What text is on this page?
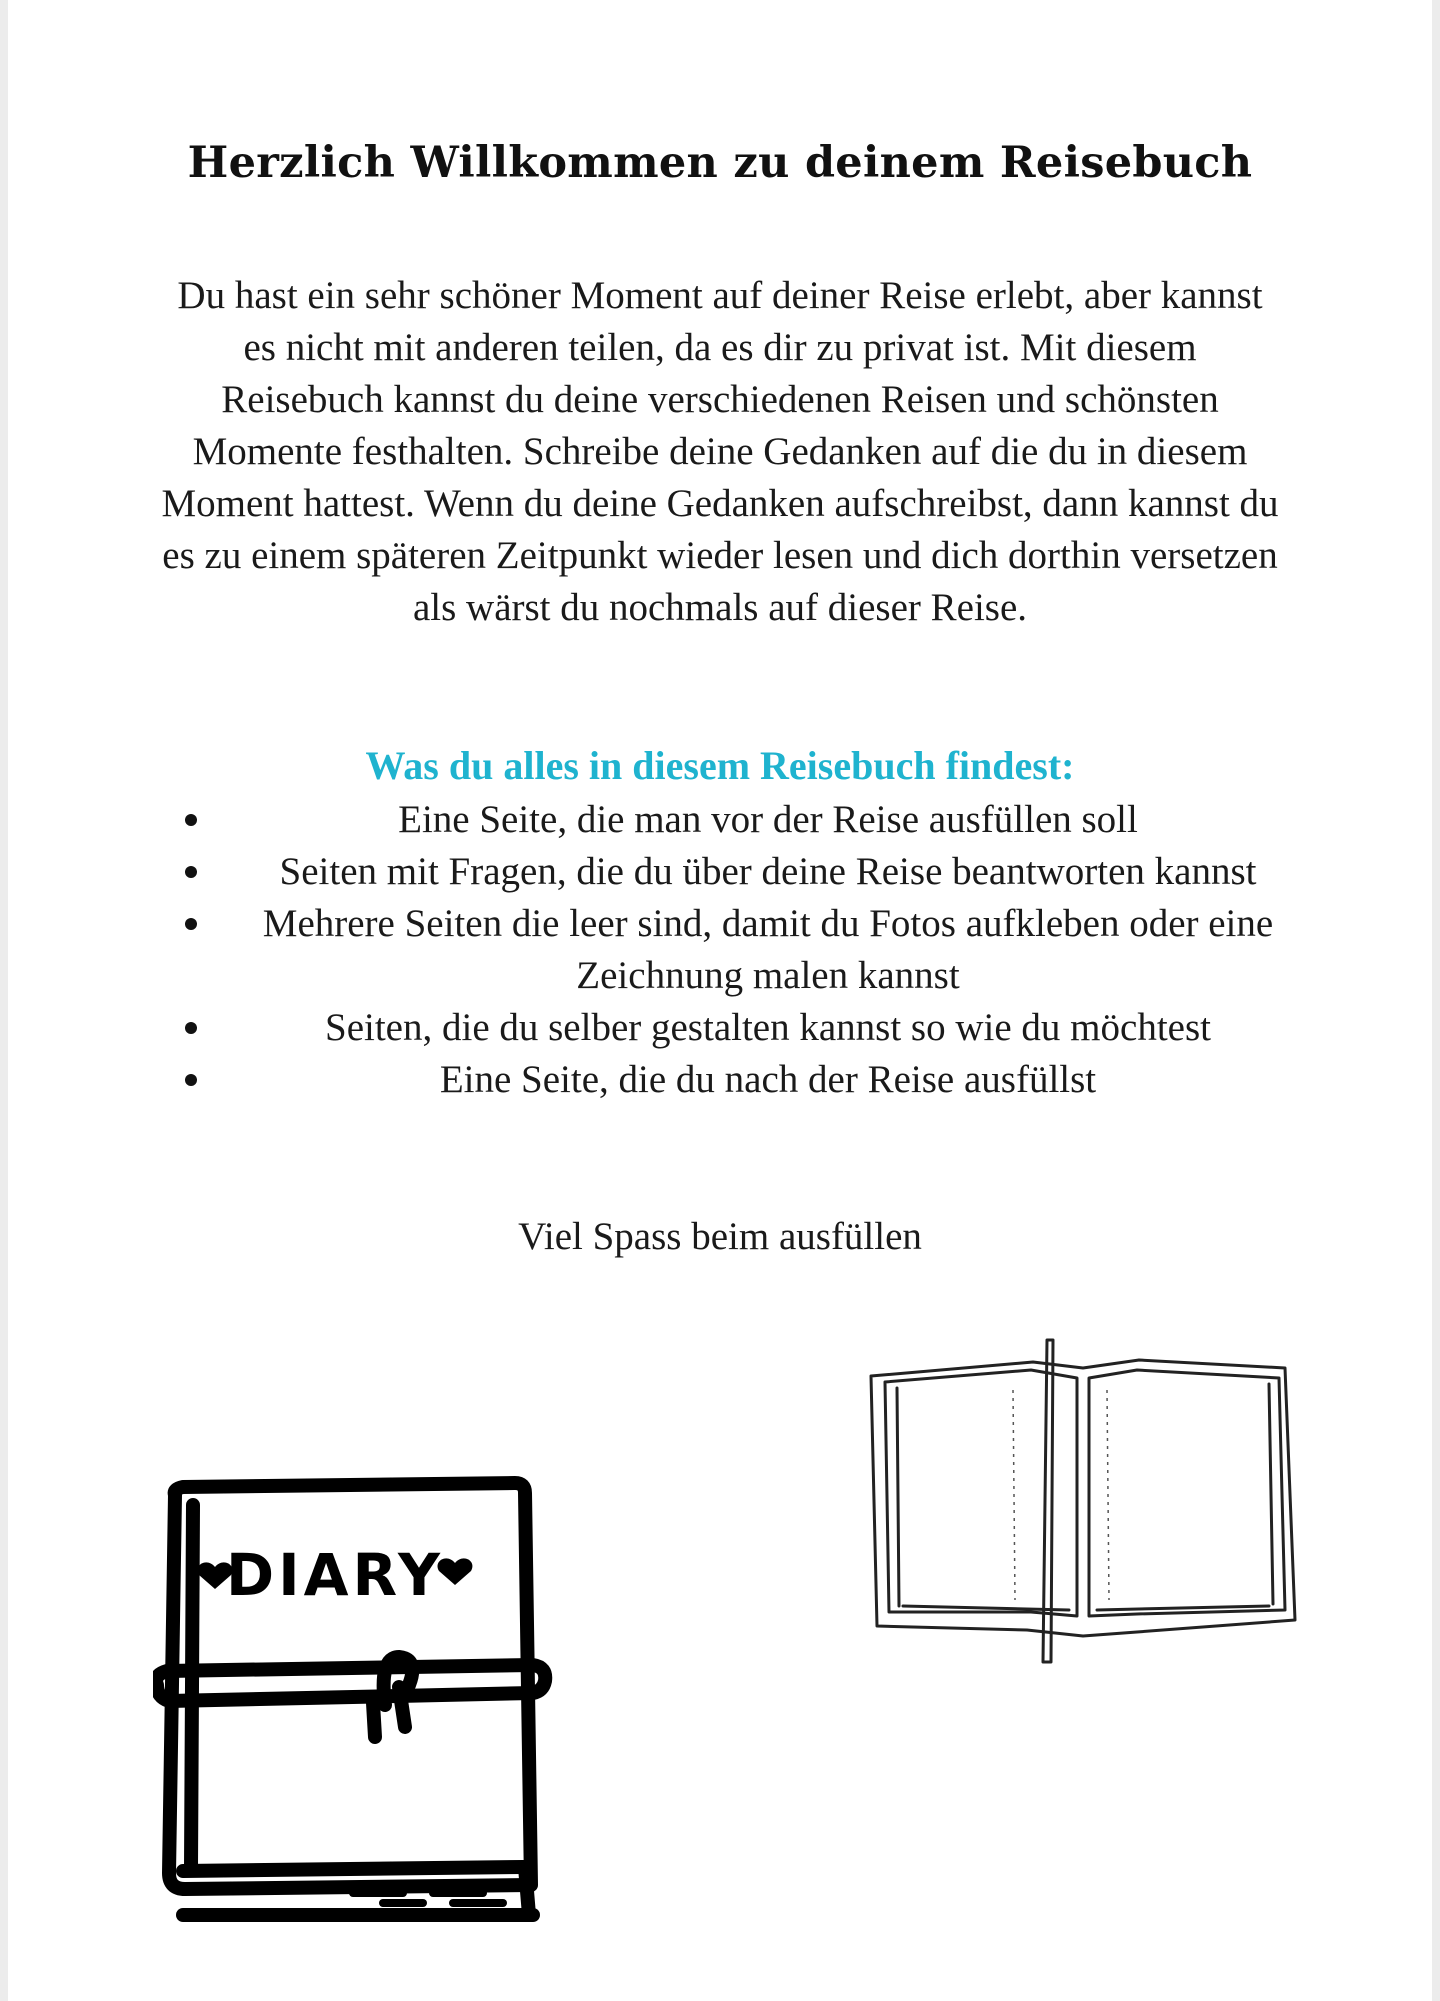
Herzlich Willkommen zu deinem Reisebuch

Du hast ein sehr schöner Moment auf deiner Reise erlebt, aber kannst es nicht mit anderen teilen, da es dir zu privat ist. Mit diesem Reisebuch kannst du deine verschiedenen Reisen und schönsten Momente festhalten. Schreibe deine Gedanken auf die du in diesem Moment hattest. Wenn du deine Gedanken aufschreibst, dann kannst du es zu einem späteren Zeitpunkt wieder lesen und dich dorthin versetzen als wärst du nochmals auf dieser Reise.

Was du alles in diesem Reisebuch findest:
Eine Seite, die man vor der Reise ausfüllen soll
Seiten mit Fragen, die du über deine Reise beantworten kannst
Mehrere Seiten die leer sind, damit du Fotos aufkleben oder eine Zeichnung malen kannst
Seiten, die du selber gestalten kannst so wie du möchtest
Eine Seite, die du nach der Reise ausfüllst
Viel Spass beim ausfüllen
DIARY
